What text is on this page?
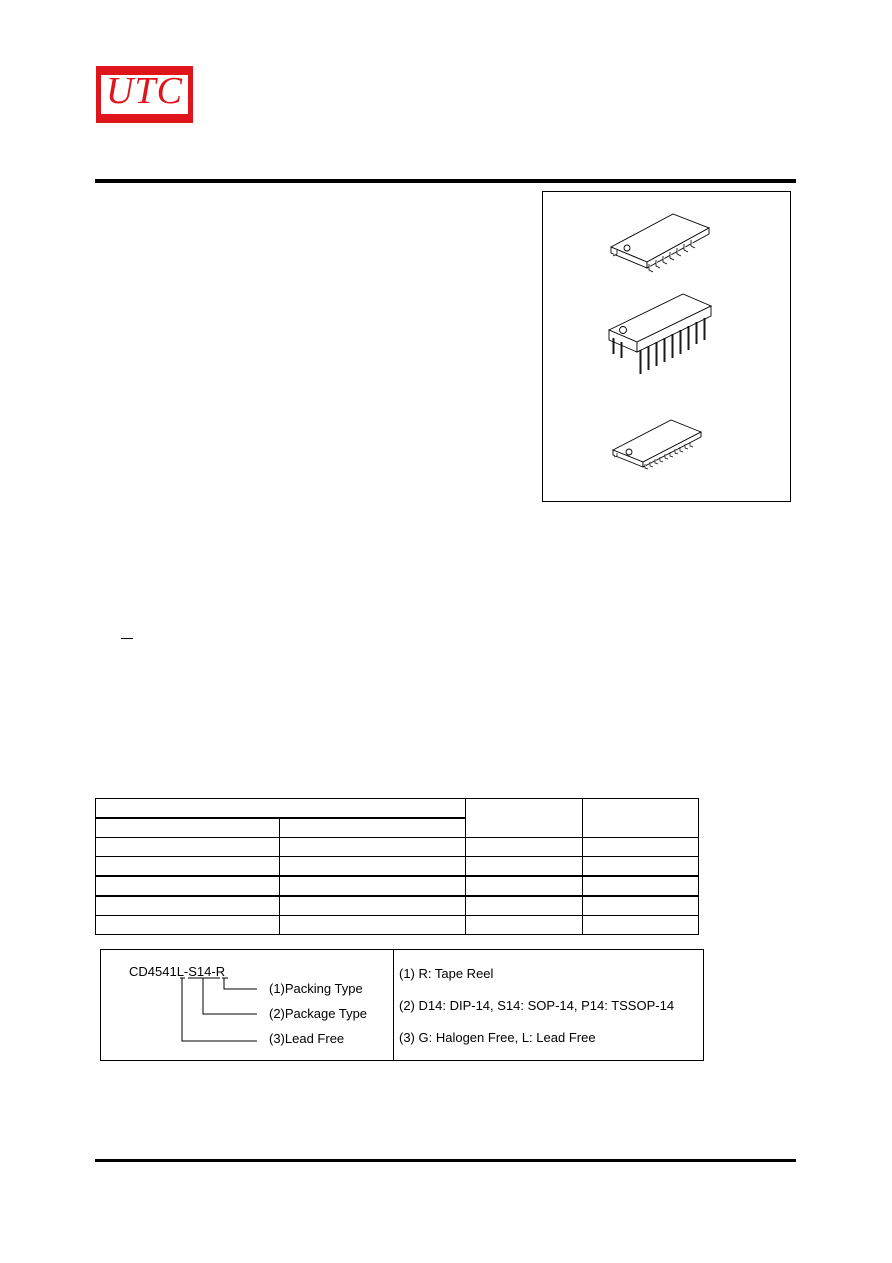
UTC

CD4541L-S14-R
(1)Packing Type
(2)Package Type
(3)Lead Free
(1) R: Tape Reel
(2) D14: DIP-14, S14: SOP-14, P14: TSSOP-14
(3) G: Halogen Free, L: Lead Free
